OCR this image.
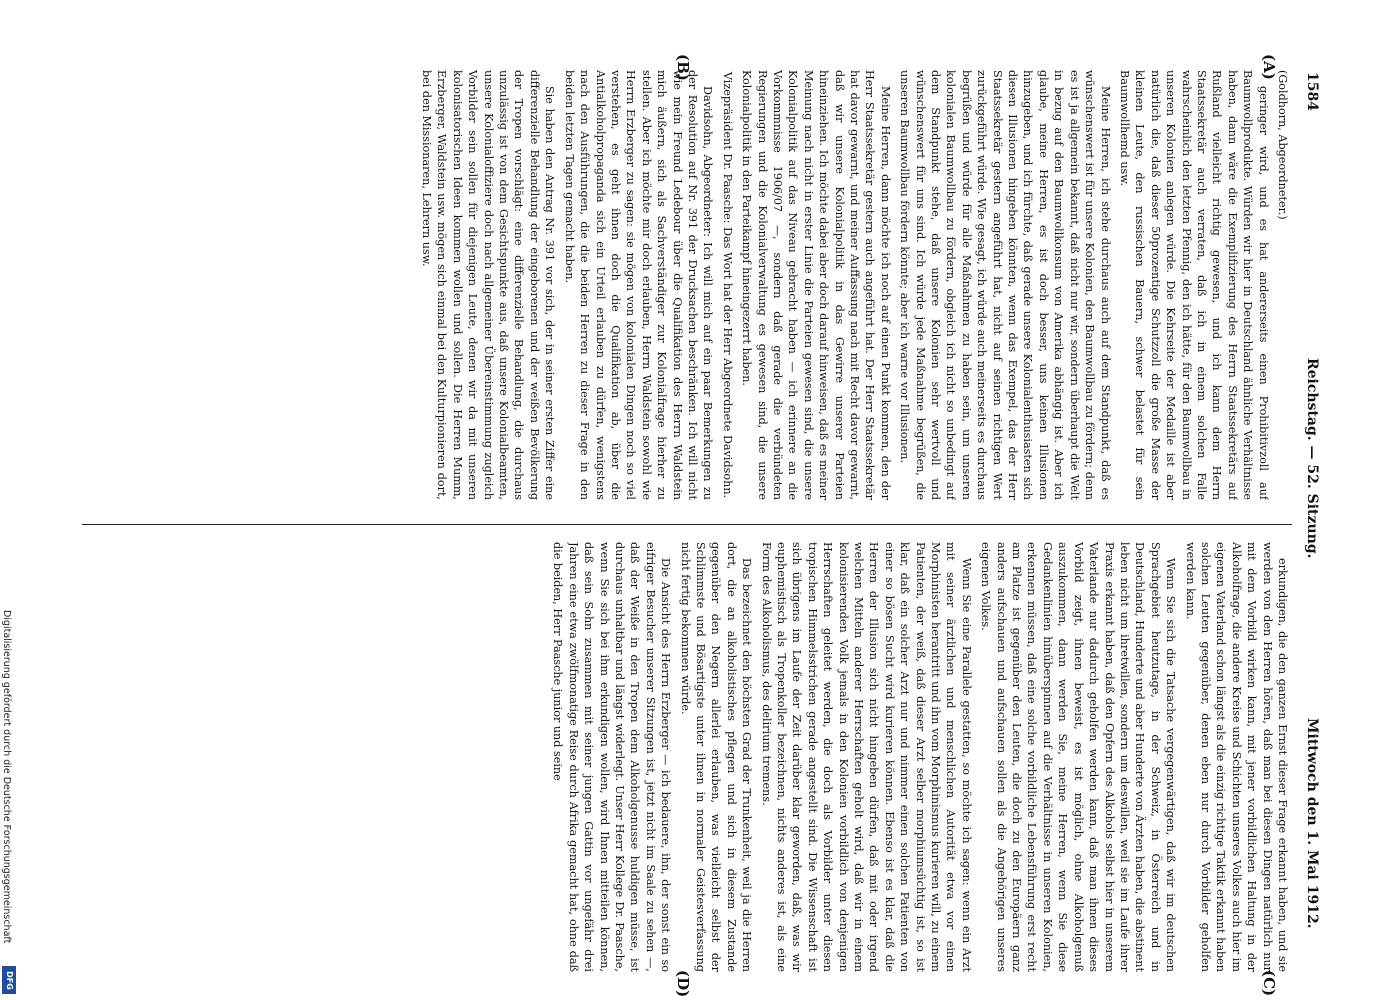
1584
Reichstag. — 52. Sitzung.
Mittwoch den 1. Mai 1912.
(A)
(B)
(C)
(D)

(Goldhorn, Abgeordneter.)

geringer wird, und es hat andererseits einen Prohibitivzoll auf Baumwollprodukte. Würden wir hier in Deutschland ähnliche Verhältnisse haben, dann wäre die Exemplifizierung des Herrn Staatssekretärs auf Rußland vielleicht richtig gewesen, und ich kann dem Herrn Staatssekretär auch verraten, daß ich in einem solchen Falle wahrscheinlich den letzten Pfennig, den ich hätte, für den Baumwollbau in unseren Kolonien anlegen würde. Die Kehrseite der Medaille ist aber natürlich die, daß dieser 50prozentige Schutzzoll die große Masse der kleinen Leute, den russischen Bauern, schwer belastet für sein Baumwollhemd usw.

Meine Herren, ich stehe durchaus auch auf dem Standpunkt, daß es wünschenswert ist für unsere Kolonien, den Baumwollbau zu fördern; denn es ist ja allgemein bekannt, daß nicht nur wir, sondern überhaupt die Welt in bezug auf den Baumwollkonsum von Amerika abhängig ist. Aber ich glaube, meine Herren, es ist doch besser, uns keinen Illusionen hinzugeben, und ich fürchte, daß gerade unsere Kolonialenthusiasten sich diesen Illusionen hingeben könnten, wenn das Exempel, das der Herr Staatssekretär gestern angeführt hat, nicht auf seinen richtigen Wert zurückgeführt würde. Wie gesagt, ich würde auch meinerseits es durchaus begrüßen und würde für alle Maßnahmen zu haben sein, um unseren kolonialen Baumwollbau zu fördern, obgleich ich nicht so unbedingt auf dem Standpunkt stehe, daß unsere Kolonien sehr wertvoll und wünschenswert für uns sind. Ich würde jede Maßnahme begrüßen, die unseren Baumwollbau fördern könnte; aber ich warne vor Illusionen.

Meine Herren, dann möchte ich noch auf einen Punkt kommen, den der Herr Staatssekretär gestern auch angeführt hat. Der Herr Staatssekretär hat davor gewarnt, und meiner Auffassung nach mit Recht davor gewarnt, daß wir unsere Kolonialpolitik in das Gewirre unserer Parteien hineinziehen. Ich möchte dabei aber doch darauf hinweisen, daß es meiner Meinung nach nicht in erster Linie die Parteien gewesen sind, die unsere Kolonialpolitik auf das Niveau gebracht haben — ich erinnere an die Vorkommnisse 1906/07 —, sondern daß gerade die verbündeten Regierungen und die Kolonialverwaltung es gewesen sind, die unsere Kolonialpolitik in den Parteikampf hineingezerrt haben.

Vizepräsident Dr. Paasche: Das Wort hat der Herr Abgeordnete Davidsohn.

Davidsohn, Abgeordneter: Ich will mich auf ein paar Bemerkungen zu der Resolution auf Nr. 391 der Drucksachen beschränken. Ich will nicht wie mein Freund Ledebour über die Qualifikation des Herrn Waldstein mich äußern, sich als Sachverständiger zur Kolonialfrage hierher zu stellen. Aber ich möchte mir doch erlauben, Herrn Waldstein sowohl wie Herrn Erzberger zu sagen: sie mögen von kolonialen Dingen noch so viel verstehen, es geht ihnen doch die Qualifikation ab, über die Antialkoholpropaganda sich ein Urteil erlauben zu dürfen, wenigstens nach den Ausführungen, die die beiden Herren zu dieser Frage in den beiden letzten Tagen gemacht haben.

Sie haben den Antrag Nr. 391 vor sich, der in seiner ersten Ziffer eine differenzielle Behandlung der eingeborenen und der weißen Bevölkerung der Tropen vorschlägt: eine differenzielle Behandlung, die durchaus unzulässig ist von dem Gesichtspunkte aus, daß unsere Kolonialbeamten, unsere Kolonialoffiziere doch nach allgemeiner Übereinstimmung zugleich Vorbilder sein sollen für diejenigen Leute, denen wir da mit unseren kolonisatorischen Ideen kommen wollen und sollen. Die Herren Mumm, Erzberger, Waldstein usw. mögen sich einmal bei den Kulturpionieren dort, bei den Missionaren, Lehrern usw.

erkundigen, die den ganzen Ernst dieser Frage erkannt haben, und sie werden von den Herren hören, daß man bei diesen Dingen natürlich nur mit dem Vorbild wirken kann, mit jener vorbildlichen Haltung in der Alkoholfrage, die andere Kreise und Schichten unseres Volkes auch hier im eigenen Vaterland schon längst als die einzig richtige Taktik erkannt haben solchen Leuten gegenüber, denen eben nur durch Vorbilder geholfen werden kann.

Wenn Sie sich die Tatsache vergegenwärtigen, daß wir im deutschen Sprachgebiet heutzutage, in der Schweiz, in Österreich und in Deutschland, Hunderte und aber Hunderte von Ärzten haben, die abstinent leben nicht um ihretwillen, sondern um deswillen, weil sie im Laufe ihrer Praxis erkannt haben, daß den Opfern des Alkohols selbst hier in unserem Vaterlande nur dadurch geholfen werden kann, daß man ihnen dieses Vorbild zeigt, ihnen beweist, es ist möglich, ohne Alkoholgenuß auszukommen, dann werden Sie, meine Herren, wenn Sie diese Gedankenlinien hinüberspinnen auf die Verhältnisse in unseren Kolonien, erkennen müssen, daß eine solche vorbildliche Lebensführung erst recht am Platze ist gegenüber den Leuten, die doch zu den Europäern ganz anders aufschauen und aufschauen sollen als die Angehörigen unseres eigenen Volkes.

Wenn Sie eine Parallele gestatten, so möchte ich sagen: wenn ein Arzt mit seiner ärztlichen und menschlichen Autorität etwa vor einen Morphinisten herantritt und ihn vom Morphinismus kurieren will, zu einem Patienten, der weiß, daß dieser Arzt selber morphiumsüchtig ist, so ist klar, daß ein solcher Arzt nur und nimmer einen solchen Patienten von einer so bösen Sucht wird kurieren können. Ebenso ist es klar, daß die Herren der Illusion sich nicht hingeben dürfen, daß mit oder irgend welchen Mitteln anderer Herrschaften geholt wird, daß wir in einem kolonisierenden Volk jemals in den Kolonien vorbildlich von denjenigen Herrschaften geleitet werden, die doch als Vorbilder unter diesen tropischen Himmelsstrichen gerade angestellt sind. Die Wissenschaft ist sich übrigens im Laufe der Zeit darüber klar geworden, daß, was wir euphemistisch als Tropenkoller bezeichnen, nichts anderes ist, als eine Form des Alkoholismus, des delirium tremens.

Das bezeichnet den höchsten Grad der Trunkenheit, weil ja die Herren dort, die an alkoholistisches pflegen und sich in diesem Zustande gegenüber den Negern allerlei erlauben, was vielleicht selbst der Schlimmste und Bösartigste unter ihnen in normaler Geistesverfassung nicht fertig bekommen würde.

Die Ansicht des Herrn Erzberger — ich bedauere, ihn, der sonst ein so eifriger Besucher unserer Sitzungen ist, jetzt nicht im Saale zu sehen —, daß der Weiße in den Tropen dem Alkoholgenusse huldigen müsse, ist durchaus unhaltbar und längst widerlegt. Unser Herr Kollege Dr. Paasche, wenn Sie sich bei ihm erkundigen wollen, wird Ihnen mitteilen können, daß sein Sohn zusammen mit seiner jungen Gattin vor ungefähr drei Jahren eine etwa zwölfmonatige Reise durch Afrika gemacht hat, ohne daß die beiden, Herr Paasche junior und seine

Digitalisierung gefördert durch die Deutsche Forschungsgemeinschaft
DFG
